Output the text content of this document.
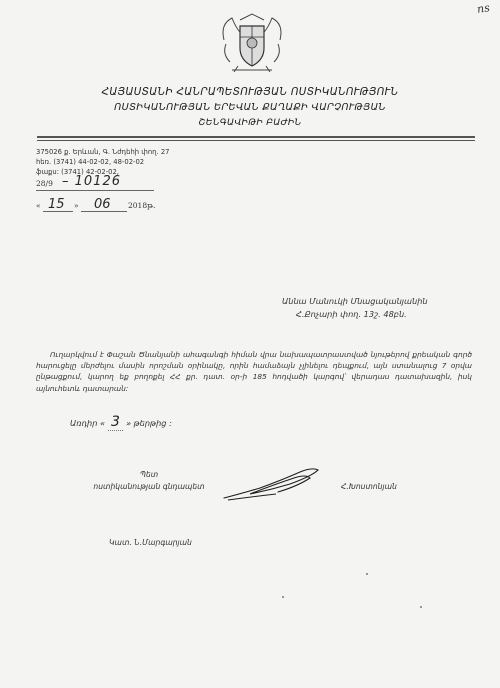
ns
ՀԱՅԱՍՏԱՆԻ ՀԱՆՐԱՊԵՏՈՒԹՅԱՆ ՈՍՏԻԿԱՆՈՒԹՅՈՒՆ
ՈՍՏԻԿԱՆՈՒԹՅԱՆ ԵՐԵՎԱՆ ՔԱՂԱՔԻ ՎԱՐՉՈՒԹՅԱՆ
ՇԵՆԳԱՎԻԹԻ ԲԱԺԻՆ
375026 ք. Երևան, Գ. Նժդեհի փող. 27
հեռ. (3741) 44-02-02, 48-02-02
ֆաքս: (3741) 42-02-02,
28/9 – 10126
« 15 » 06 2018թ.
Աննա Մանուկի Մնացականյանին
Հ.Քոչարի փող. 13շ. 48բն.
Ուղարկվում է Փաշան Ծնանյանի ահագանգի հիման վրա նախապատրաստված նյութերով քրեական գործ հարուցելը մերժելու մասին որոշման օրինակը, որին համաձայն չլինելու դեպքում, այն ստանալուց 7 օրվա ընթացքում, կարող եք բողոքել ՀՀ քր. դատ. օր-ի 185 հոդվածի կարգով՝ վերադաս դատախազին, իսկ այնուհետև դատարան:
Առդիր « 3 » թերթից :
Պետ
ոստիկանության գնդապետ	Հ.Խոստոնյան
Կատ. Ն.Մարգարյան
